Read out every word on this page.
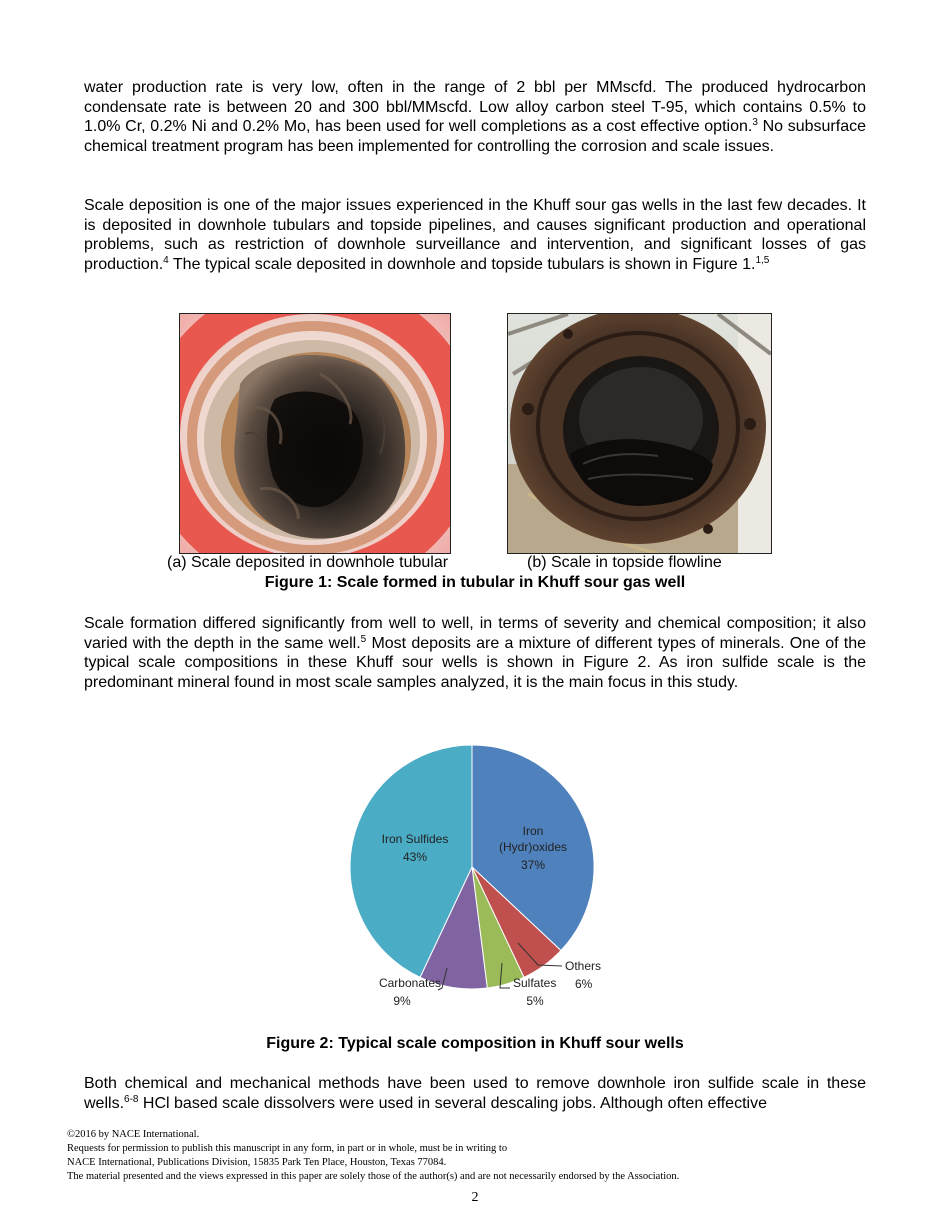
water production rate is very low, often in the range of 2 bbl per MMscfd. The produced hydrocarbon condensate rate is between 20 and 300 bbl/MMscfd. Low alloy carbon steel T-95, which contains 0.5% to 1.0% Cr, 0.2% Ni and 0.2% Mo, has been used for well completions as a cost effective option.$^3$ No subsurface chemical treatment program has been implemented for controlling the corrosion and scale issues.
Scale deposition is one of the major issues experienced in the Khuff sour gas wells in the last few decades. It is deposited in downhole tubulars and topside pipelines, and causes significant production and operational problems, such as restriction of downhole surveillance and intervention, and significant losses of gas production.$^4$ The typical scale deposited in downhole and topside tubulars is shown in Figure 1.$^{1,5}$
(a) Scale deposited in downhole tubular	(b) Scale in topside flowline
Figure 1: Scale formed in tubular in Khuff sour gas well
Scale formation differed significantly from well to well, in terms of severity and chemical composition; it also varied with the depth in the same well.$^5$ Most deposits are a mixture of different types of minerals. One of the typical scale compositions in these Khuff sour wells is shown in Figure 2. As iron sulfide scale is the predominant mineral found in most scale samples analyzed, it is the main focus in this study.
Iron
(Hydr)oxides
37%
Others
6%
Sulfates
5%
Carbonates
9%
Iron Sulfides
43%
Figure 2: Typical scale composition in Khuff sour wells
Both chemical and mechanical methods have been used to remove downhole iron sulfide scale in these wells.$^{6-8}$ HCl based scale dissolvers were used in several descaling jobs. Although often effective
©2016 by NACE International.
Requests for permission to publish this manuscript in any form, in part or in whole, must be in writing to
NACE International, Publications Division, 15835 Park Ten Place, Houston, Texas 77084.
The material presented and the views expressed in this paper are solely those of the author(s) and are not necessarily endorsed by the Association.
2
